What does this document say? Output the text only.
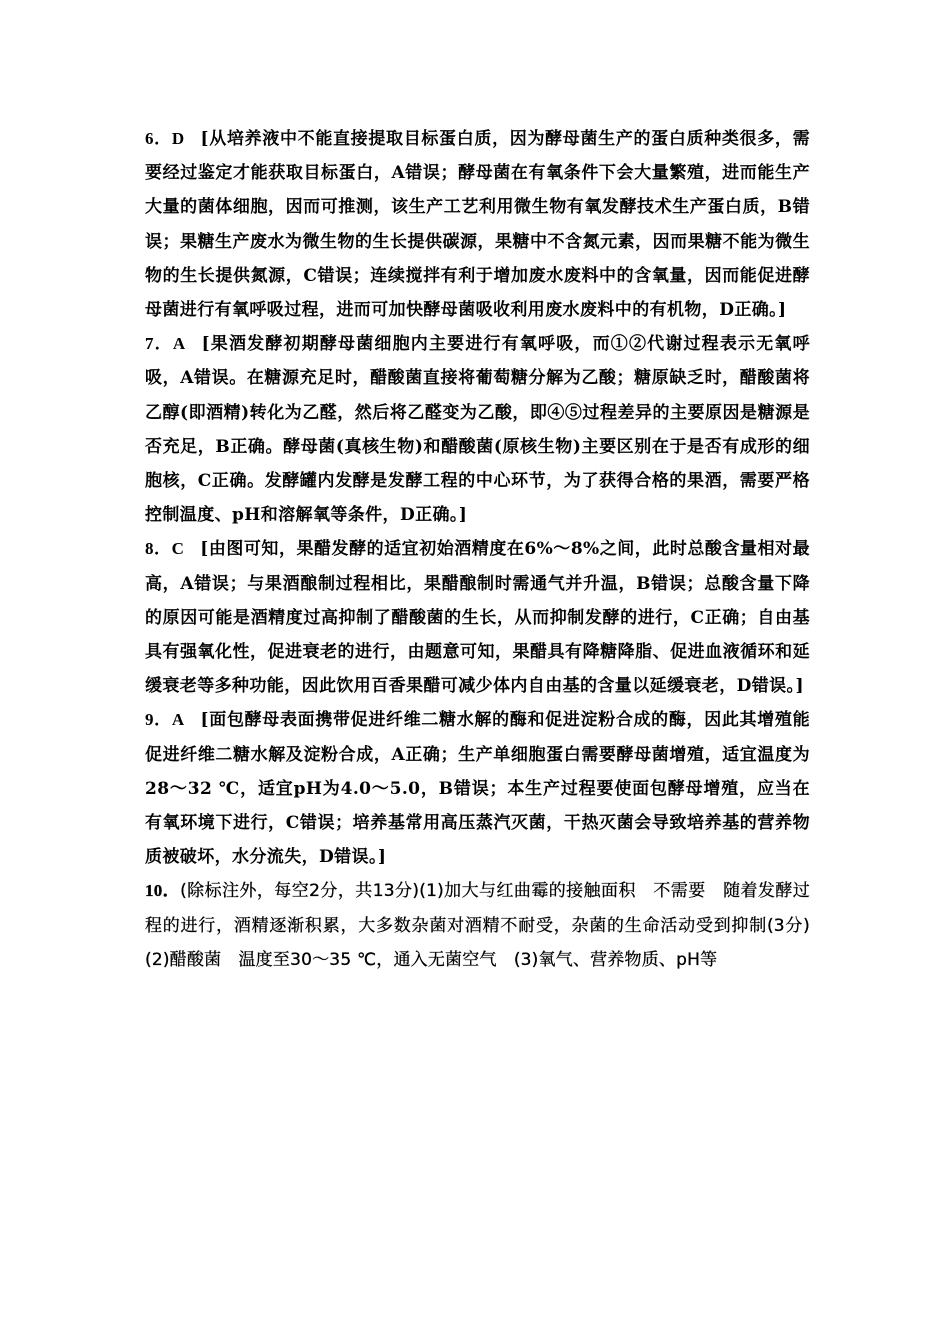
6．D [从培养液中不能直接提取目标蛋白质，因为酵母菌生产的蛋白质种类很多，需要经过鉴定才能获取目标蛋白，A错误；酵母菌在有氧条件下会大量繁殖，进而能生产大量的菌体细胞，因而可推测，该生产工艺利用微生物有氧发酵技术生产蛋白质，B错误；果糖生产废水为微生物的生长提供碳源，果糖中不含氮元素，因而果糖不能为微生物的生长提供氮源，C错误；连续搅拌有利于增加废水废料中的含氧量，因而能促进酵母菌进行有氧呼吸过程，进而可加快酵母菌吸收利用废水废料中的有机物，D正确。]

7．A [果酒发酵初期酵母菌细胞内主要进行有氧呼吸，而①②代谢过程表示无氧呼吸，A错误。在糖源充足时，醋酸菌直接将葡萄糖分解为乙酸；糖原缺乏时，醋酸菌将乙醇(即酒精)转化为乙醛，然后将乙醛变为乙酸，即④⑤过程差异的主要原因是糖源是否充足，B正确。酵母菌(真核生物)和醋酸菌(原核生物)主要区别在于是否有成形的细胞核，C正确。发酵罐内发酵是发酵工程的中心环节，为了获得合格的果酒，需要严格控制温度、pH和溶解氧等条件，D正确。]

8．C [由图可知，果醋发酵的适宜初始酒精度在6%～8%之间，此时总酸含量相对最高，A错误；与果酒酿制过程相比，果醋酿制时需通气并升温，B错误；总酸含量下降的原因可能是酒精度过高抑制了醋酸菌的生长，从而抑制发酵的进行，C正确；自由基具有强氧化性，促进衰老的进行，由题意可知，果醋具有降糖降脂、促进血液循环和延缓衰老等多种功能，因此饮用百香果醋可减少体内自由基的含量以延缓衰老，D错误。]

9．A [面包酵母表面携带促进纤维二糖水解的酶和促进淀粉合成的酶，因此其增殖能促进纤维二糖水解及淀粉合成，A正确；生产单细胞蛋白需要酵母菌增殖，适宜温度为28～32 ℃，适宜pH为4.0～5.0，B错误；本生产过程要使面包酵母增殖，应当在有氧环境下进行，C错误；培养基常用高压蒸汽灭菌，干热灭菌会导致培养基的营养物质被破坏，水分流失，D错误。]

10．(除标注外，每空2分，共13分)(1)加大与红曲霉的接触面积　不需要　随着发酵过程的进行，酒精逐渐积累，大多数杂菌对酒精不耐受，杂菌的生命活动受到抑制(3分)　(2)醋酸菌　温度至30～35 ℃，通入无菌空气　(3)氧气、营养物质、pH等
